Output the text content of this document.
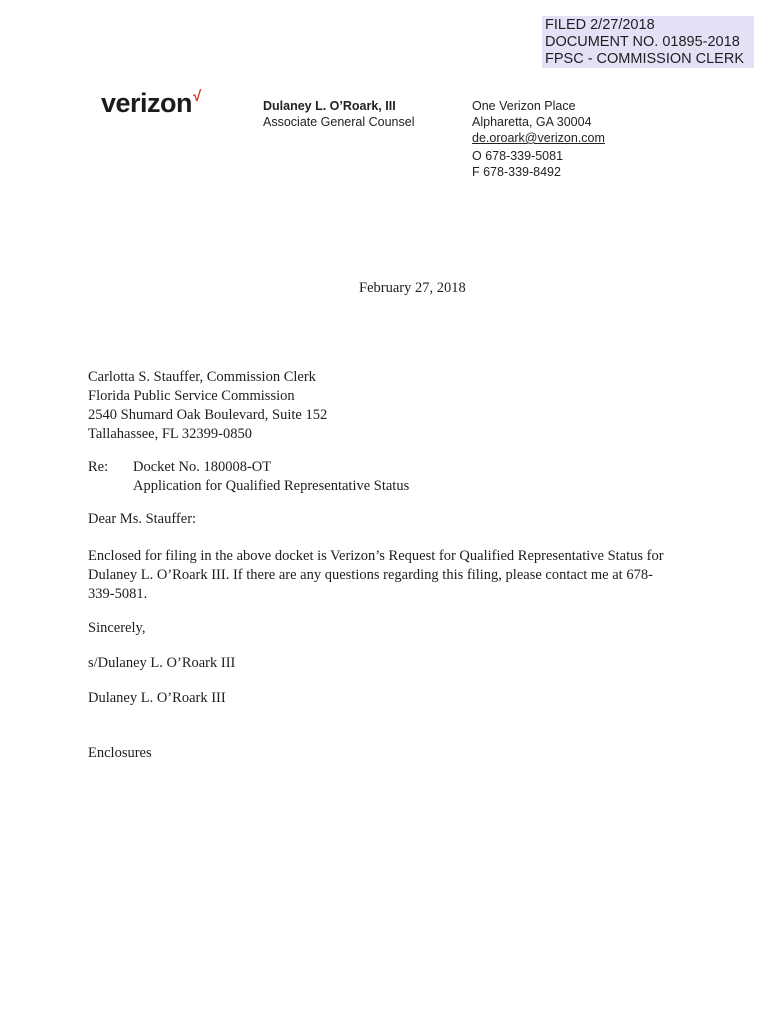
FILED 2/27/2018
DOCUMENT NO. 01895-2018
FPSC - COMMISSION CLERK
verizon√
Dulaney L. O’Roark, III
Associate General Counsel
One Verizon Place
Alpharetta, GA 30004
de.oroark@verizon.com
O 678-339-5081
F 678-339-8492
February 27, 2018
Carlotta S. Stauffer, Commission Clerk
Florida Public Service Commission
2540 Shumard Oak Boulevard, Suite 152
Tallahassee, FL 32399-0850
Re: Docket No. 180008-OT
Application for Qualified Representative Status
Dear Ms. Stauffer:
Enclosed for filing in the above docket is Verizon’s Request for Qualified Representative Status for Dulaney L. O’Roark III. If there are any questions regarding this filing, please contact me at 678-339-5081.
Sincerely,
s/Dulaney L. O’Roark III
Dulaney L. O’Roark III
Enclosures
